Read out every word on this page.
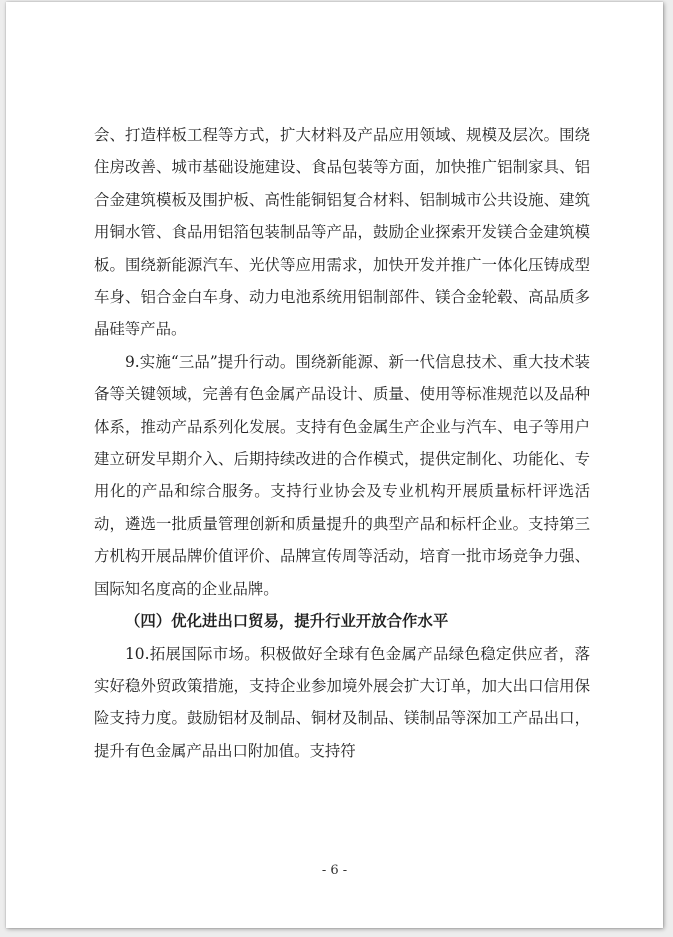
会、打造样板工程等方式，扩大材料及产品应用领域、规模及层次。围绕住房改善、城市基础设施建设、食品包装等方面，加快推广铝制家具、铝合金建筑模板及围护板、高性能铜铝复合材料、铝制城市公共设施、建筑用铜水管、食品用铝箔包装制品等产品，鼓励企业探索开发镁合金建筑模板。围绕新能源汽车、光伏等应用需求，加快开发并推广一体化压铸成型车身、铝合金白车身、动力电池系统用铝制部件、镁合金轮毂、高品质多晶硅等产品。

9.实施“三品”提升行动。围绕新能源、新一代信息技术、重大技术装备等关键领域，完善有色金属产品设计、质量、使用等标准规范以及品种体系，推动产品系列化发展。支持有色金属生产企业与汽车、电子等用户建立研发早期介入、后期持续改进的合作模式，提供定制化、功能化、专用化的产品和综合服务。支持行业协会及专业机构开展质量标杆评选活动，遴选一批质量管理创新和质量提升的典型产品和标杆企业。支持第三方机构开展品牌价值评价、品牌宣传周等活动，培育一批市场竞争力强、国际知名度高的企业品牌。

（四）优化进出口贸易，提升行业开放合作水平

10.拓展国际市场。积极做好全球有色金属产品绿色稳定供应者，落实好稳外贸政策措施，支持企业参加境外展会扩大订单，加大出口信用保险支持力度。鼓励铝材及制品、铜材及制品、镁制品等深加工产品出口，提升有色金属产品出口附加值。支持符

- 6 -
